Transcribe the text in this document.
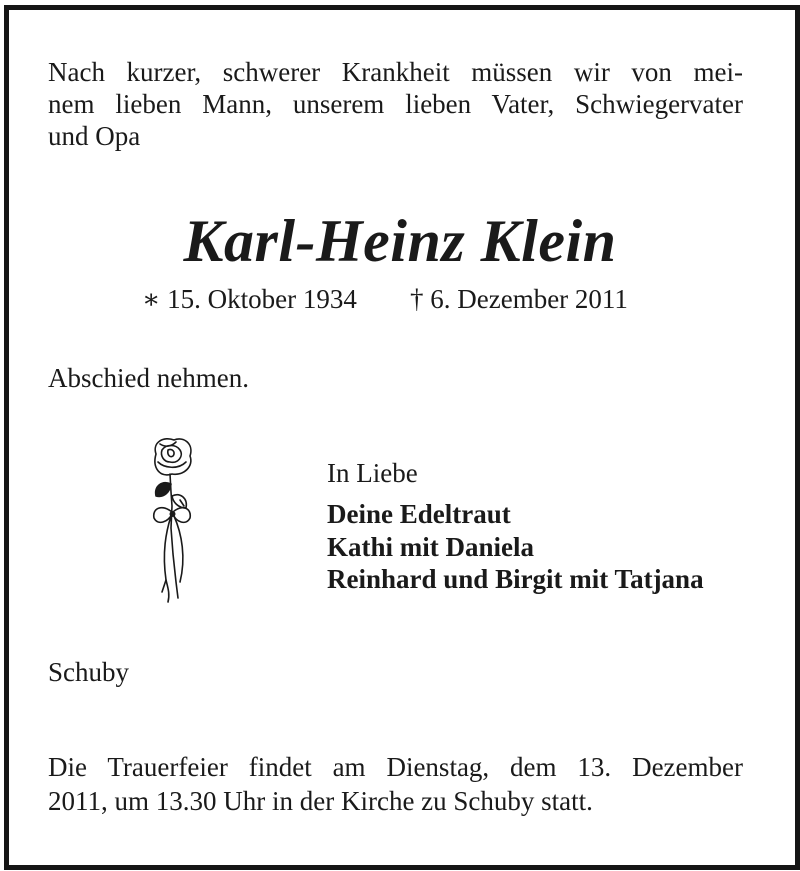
Nach kurzer, schwerer Krankheit müssen wir von mei-
nem lieben Mann, unserem lieben Vater, Schwiegervater
und Opa
Karl-Heinz Klein
∗ 15. Oktober 1934 † 6. Dezember 2011
Abschied nehmen.
In Liebe
Deine Edeltraut
Kathi mit Daniela
Reinhard und Birgit mit Tatjana
Schuby
Die Trauerfeier findet am Dienstag, dem 13. Dezember
2011, um 13.30 Uhr in der Kirche zu Schuby statt.
